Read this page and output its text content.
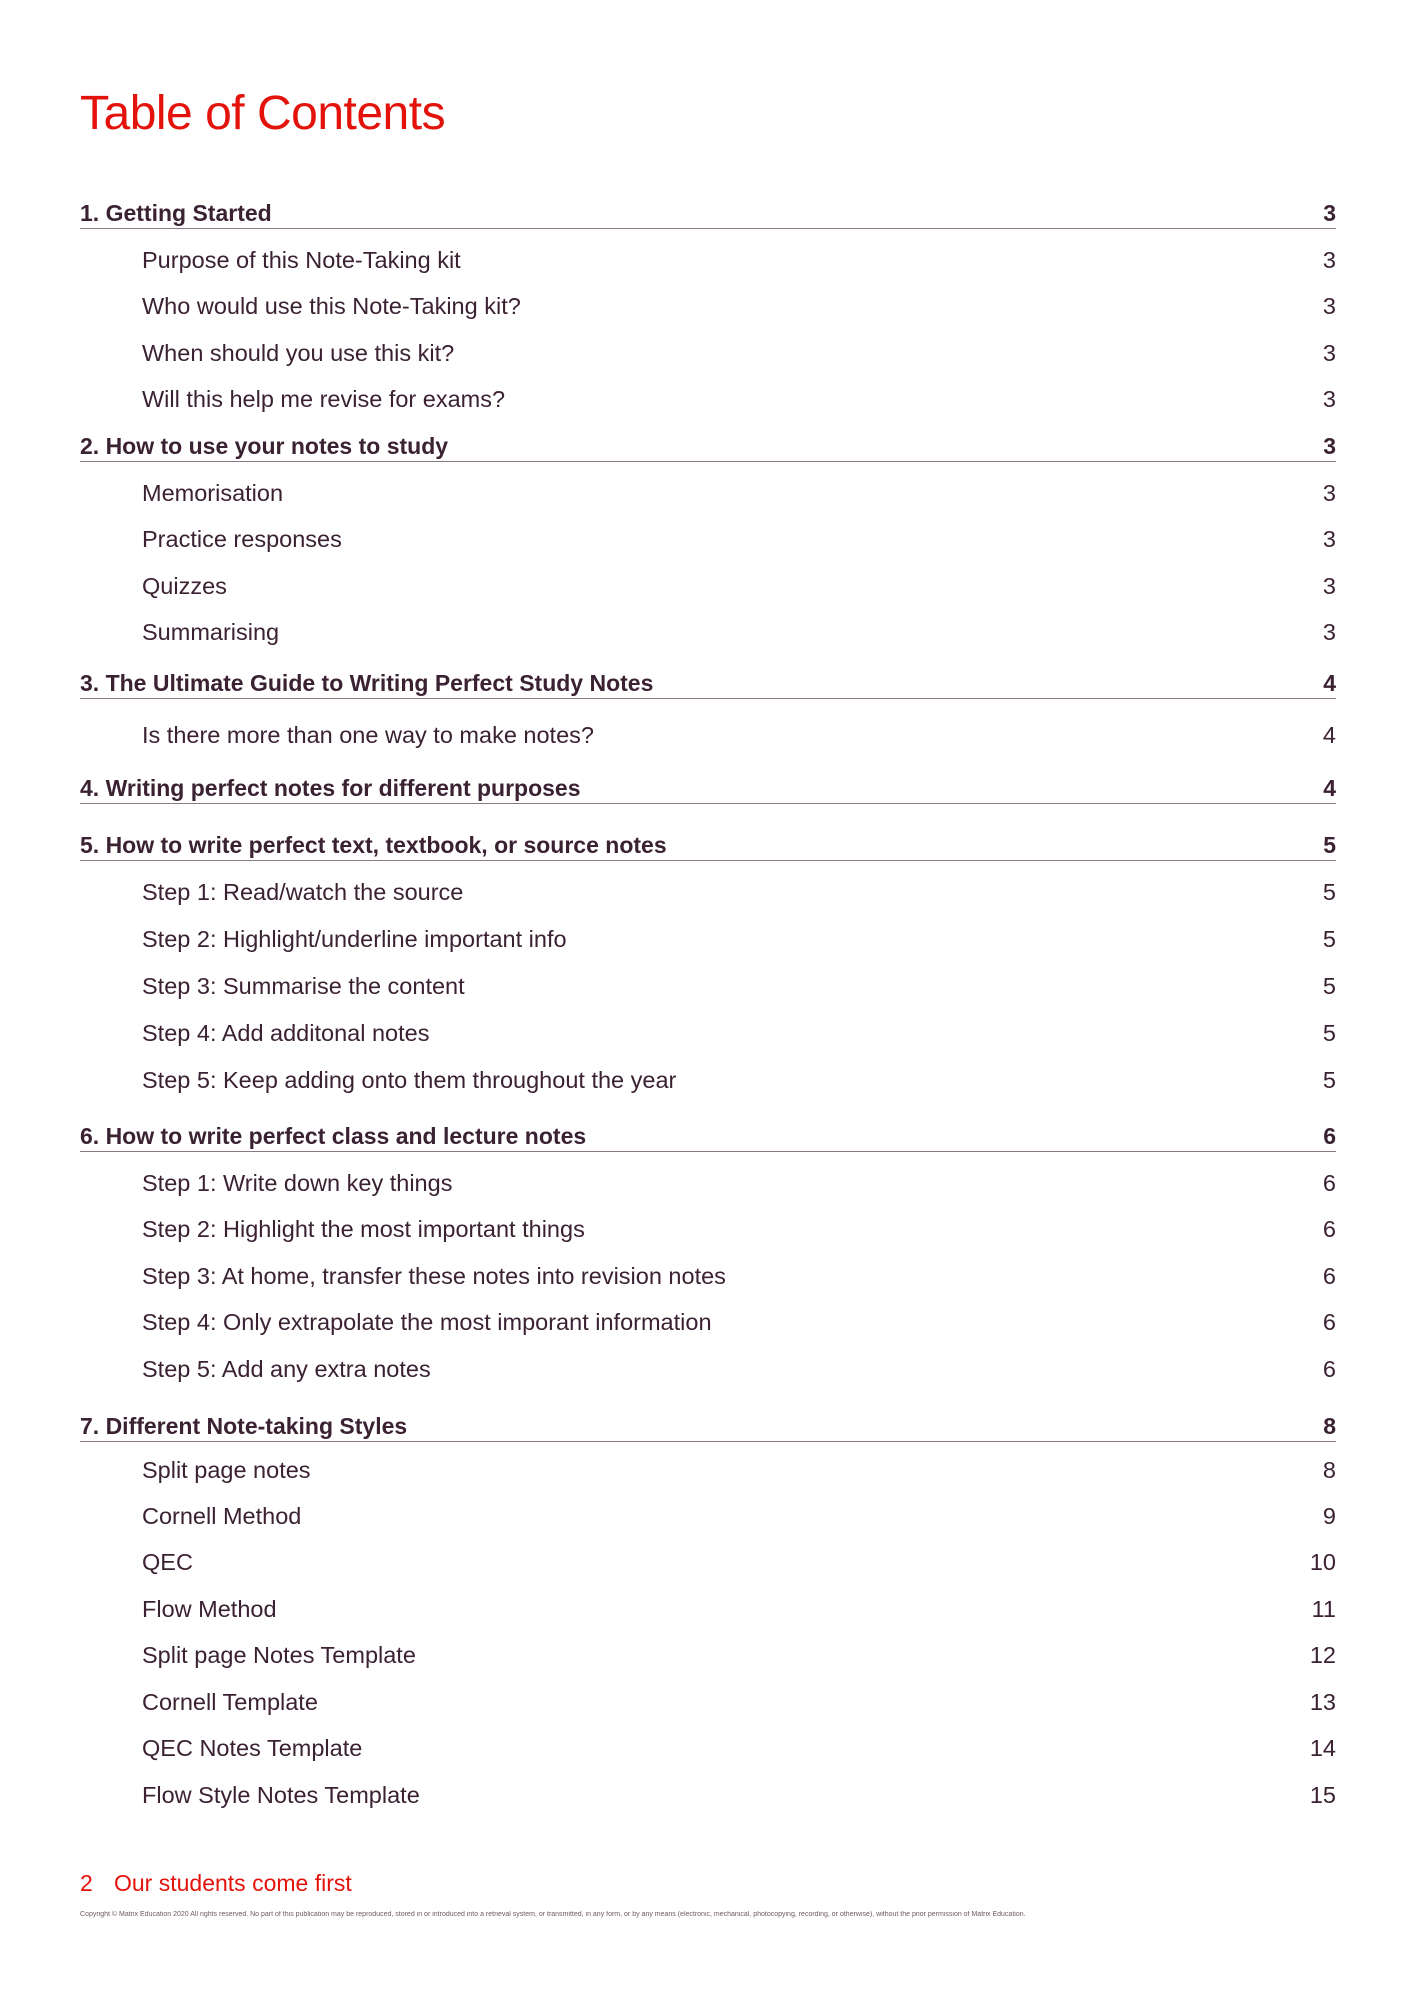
Table of Contents
1. Getting Started	3
Purpose of this Note-Taking kit	3
Who would use this Note-Taking kit?	3
When should you use this kit?	3
Will this help me revise for exams?	3
2. How to use your notes to study	3
Memorisation	3
Practice responses	3
Quizzes	3
Summarising	3
3. The Ultimate Guide to Writing Perfect Study Notes	4
Is there more than one way to make notes?	4
4. Writing perfect notes for different purposes	4
5. How to write perfect text, textbook, or source notes	5
Step 1: Read/watch the source	5
Step 2: Highlight/underline important info	5
Step 3: Summarise the content	5
Step 4: Add additonal notes	5
Step 5: Keep adding onto them throughout the year	5
6. How to write perfect class and lecture notes	6
Step 1: Write down key things	6
Step 2: Highlight the most important things	6
Step 3: At home, transfer these notes into revision notes	6
Step 4: Only extrapolate the most imporant information	6
Step 5: Add any extra notes	6
7. Different Note-taking Styles	8
Split page notes	8
Cornell Method	9
QEC	10
Flow Method	11
Split page Notes Template	12
Cornell Template	13
QEC Notes Template	14
Flow Style Notes Template	15
2 Our students come first
Copyright © Matrix Education 2020 All rights reserved. No part of this publication may be reproduced, stored in or introduced into a retrieval system, or transmitted, in any form, or by any means (electronic, mechanical, photocopying, recording, or otherwise), without the prior permission of Matrix Education.
